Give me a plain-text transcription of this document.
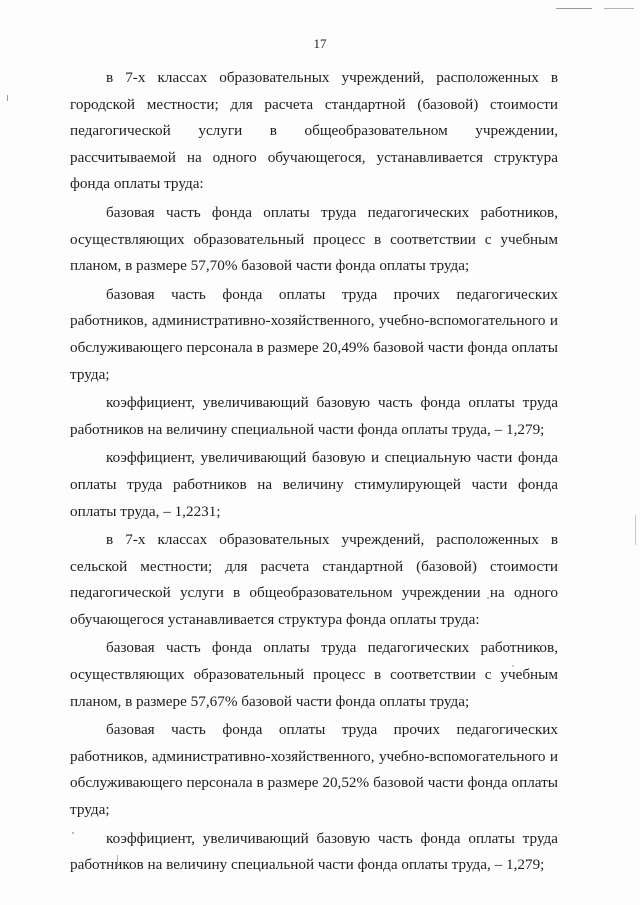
17

в 7-х классах образовательных учреждений, расположенных в городской местности; для расчета стандартной (базовой) стоимости педагогической услуги в общеобразовательном учреждении, рассчитываемой на одного обучающегося, устанавливается структура фонда оплаты труда:

базовая часть фонда оплаты труда педагогических работников, осуществляющих образовательный процесс в соответствии с учебным планом, в размере 57,70% базовой части фонда оплаты труда;

базовая часть фонда оплаты труда прочих педагогических работников, административно-хозяйственного, учебно-вспомогательного и обслуживающего персонала в размере 20,49% базовой части фонда оплаты труда;

коэффициент, увеличивающий базовую часть фонда оплаты труда работников на величину специальной части фонда оплаты труда, – 1,279;

коэффициент, увеличивающий базовую и специальную части фонда оплаты труда работников на величину стимулирующей части фонда оплаты труда, – 1,2231;

в 7-х классах образовательных учреждений, расположенных в сельской местности; для расчета стандартной (базовой) стоимости педагогической услуги в общеобразовательном учреждении на одного обучающегося устанавливается структура фонда оплаты труда:

базовая часть фонда оплаты труда педагогических работников, осуществляющих образовательный процесс в соответствии с учебным планом, в размере 57,67% базовой части фонда оплаты труда;

базовая часть фонда оплаты труда прочих педагогических работников, административно-хозяйственного, учебно-вспомогательного и обслуживающего персонала в размере 20,52% базовой части фонда оплаты труда;

коэффициент, увеличивающий базовую часть фонда оплаты труда работников на величину специальной части фонда оплаты труда, – 1,279;
